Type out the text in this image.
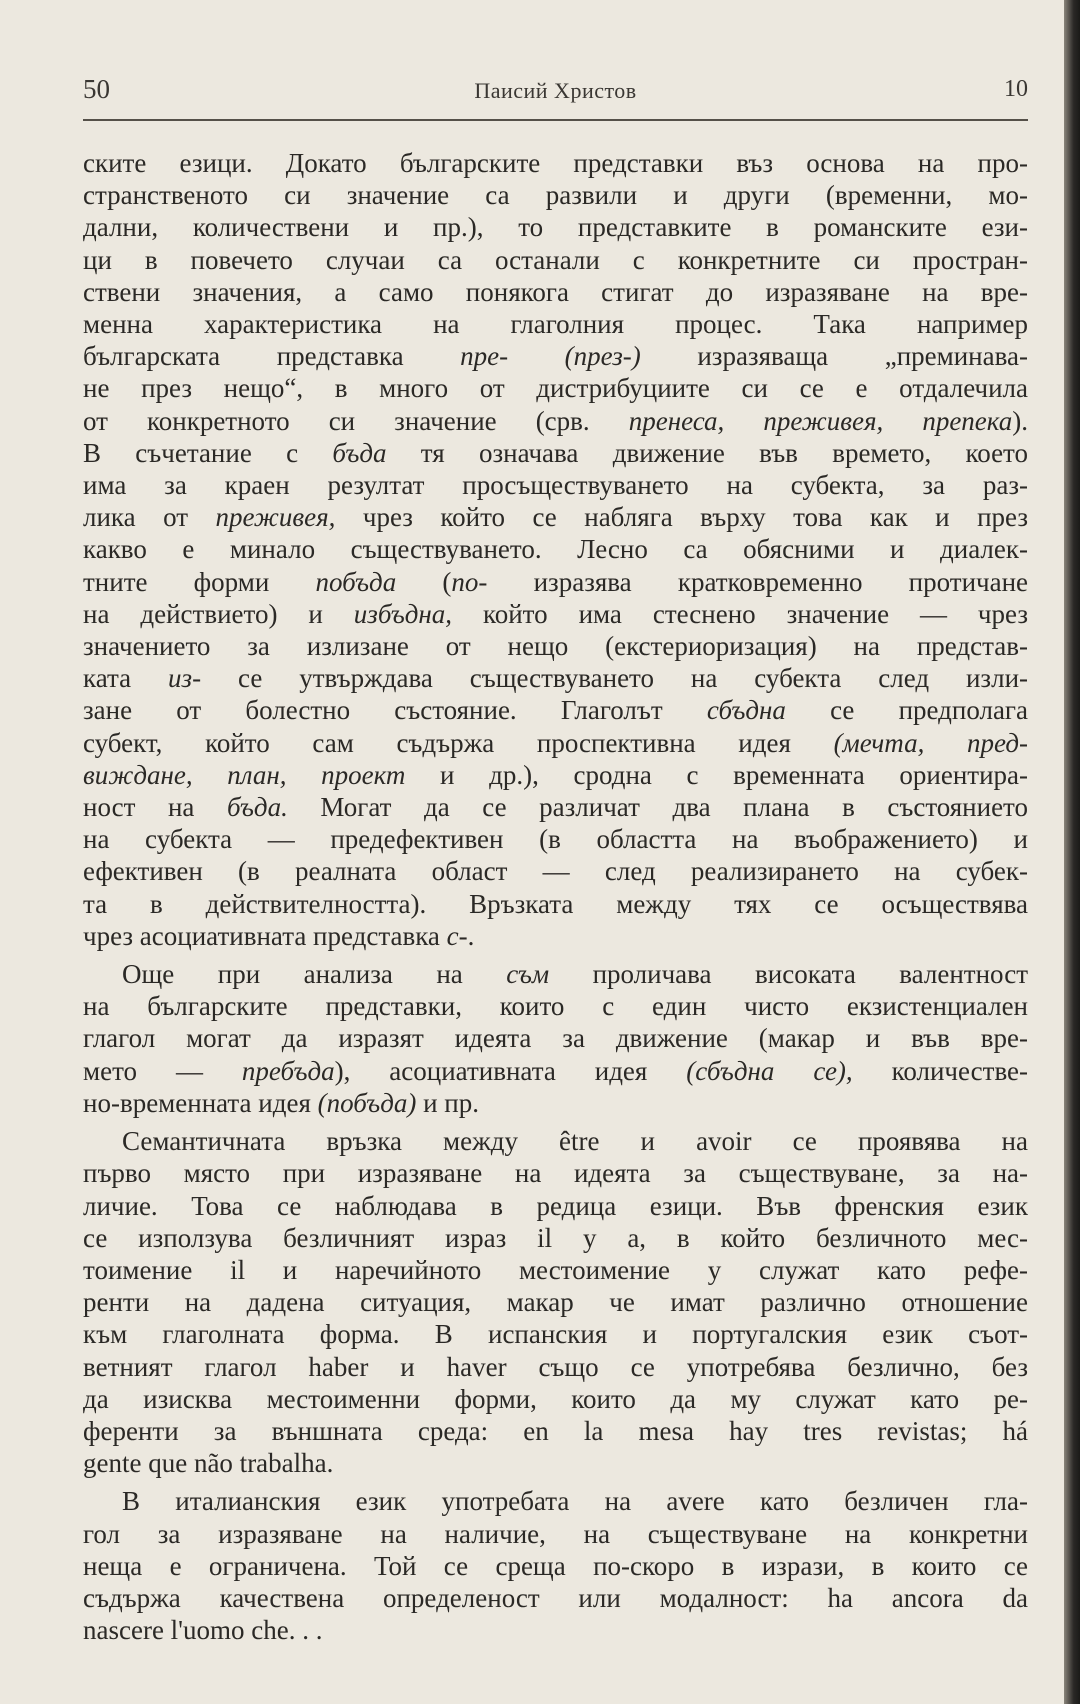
50	Паисий Христов	10
ските езици. Докато българските представки въз основа на про-
странственото си значение са развили и други (временни, мо-
дални, количествени и пр.), то представките в романските ези-
ци в повечето случаи са останали с конкретните си простран-
ствени значения, а само понякога стигат до изразяване на вре-
менна характеристика на глаголния процес. Така например
българската представка пре- (през-) изразяваща „преминава-
не през нещо“, в много от дистрибуциите си се е отдалечила
от конкретното си значение (срв. пренеса, преживея, препека).
В съчетание с бъда тя означава движение във времето, което
има за краен резултат просъществуването на субекта, за раз-
лика от преживея, чрез който се набляга върху това как и през
какво е минало съществуването. Лесно са обясними и диалек-
тните форми побъда (по- изразява кратковременно протичане
на действието) и избъдна, който има стеснено значение — чрез
значението за излизане от нещо (екстериоризация) на представ-
ката из- се утвърждава съществуването на субекта след изли-
зане от болестно състояние. Глаголът сбъдна се предполага
субект, който сам съдържа проспективна идея (мечта, пред-
виждане, план, проект и др.), сродна с временната ориентира-
ност на бъда. Могат да се различат два плана в състоянието
на субекта — предефективен (в областта на въображението) и
ефективен (в реалната област — след реализирането на субек-
та в действителността). Връзката между тях се осъществява
чрез асоциативната представка с-.
Още при анализа на съм проличава високата валентност
на българските представки, които с един чисто екзистенциален
глагол могат да изразят идеята за движение (макар и във вре-
мето — пребъда), асоциативната идея (сбъдна се), количестве-
но-временната идея (побъда) и пр.
Семантичната връзка между être и avoir се проявява на
първо място при изразяване на идеята за съществуване, за на-
личие. Това се наблюдава в редица езици. Във френския език
се използува безличният израз il y a, в който безличното мес-
тоимение il и наречийното местоимение y служат като рефе-
ренти на дадена ситуация, макар че имат различно отношение
към глаголната форма. В испанския и португалския език съот-
ветният глагол haber и haver също се употребява безлично, без
да изисква местоименни форми, които да му служат като ре-
ференти за външната среда: en la mesa hay tres revistas; há
gente que não trabalha.
В италианския език употребата на avere като безличен гла-
гол за изразяване на наличие, на съществуване на конкретни
неща е ограничена. Той се среща по-скоро в изрази, в които се
съдържа качествена определеност или модалност: ha ancora da
nascere l'uomo che. . .
